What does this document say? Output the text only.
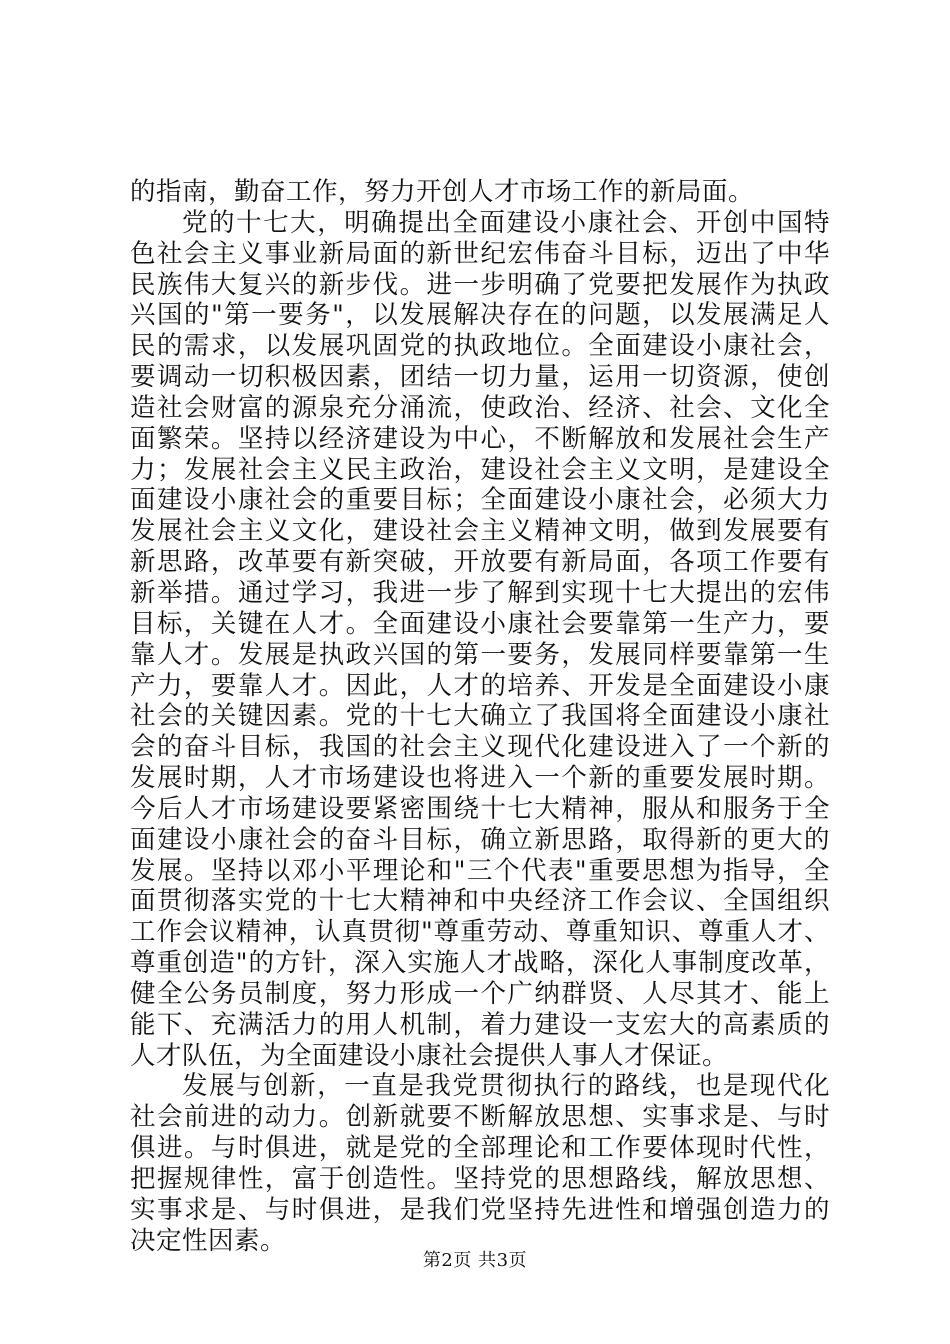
的指南，勤奋工作，努力开创人才市场工作的新局面。

党的十七大，明确提出全面建设小康社会、开创中国特色社会主义事业新局面的新世纪宏伟奋斗目标，迈出了中华民族伟大复兴的新步伐。进一步明确了党要把发展作为执政兴国的"第一要务"，以发展解决存在的问题，以发展满足人民的需求，以发展巩固党的执政地位。全面建设小康社会，要调动一切积极因素，团结一切力量，运用一切资源，使创造社会财富的源泉充分涌流，使政治、经济、社会、文化全面繁荣。坚持以经济建设为中心，不断解放和发展社会生产力；发展社会主义民主政治，建设社会主义文明，是建设全面建设小康社会的重要目标；全面建设小康社会，必须大力发展社会主义文化，建设社会主义精神文明，做到发展要有新思路，改革要有新突破，开放要有新局面，各项工作要有新举措。通过学习，我进一步了解到实现十七大提出的宏伟目标，关键在人才。全面建设小康社会要靠第一生产力，要靠人才。发展是执政兴国的第一要务，发展同样要靠第一生产力，要靠人才。因此，人才的培养、开发是全面建设小康社会的关键因素。党的十七大确立了我国将全面建设小康社会的奋斗目标，我国的社会主义现代化建设进入了一个新的发展时期，人才市场建设也将进入一个新的重要发展时期。今后人才市场建设要紧密围绕十七大精神，服从和服务于全面建设小康社会的奋斗目标，确立新思路，取得新的更大的发展。坚持以邓小平理论和"三个代表"重要思想为指导，全面贯彻落实党的十七大精神和中央经济工作会议、全国组织工作会议精神，认真贯彻"尊重劳动、尊重知识、尊重人才、尊重创造"的方针，深入实施人才战略，深化人事制度改革，健全公务员制度，努力形成一个广纳群贤、人尽其才、能上能下、充满活力的用人机制，着力建设一支宏大的高素质的人才队伍，为全面建设小康社会提供人事人才保证。

发展与创新，一直是我党贯彻执行的路线，也是现代化社会前进的动力。创新就要不断解放思想、实事求是、与时俱进。与时俱进，就是党的全部理论和工作要体现时代性，把握规律性，富于创造性。坚持党的思想路线，解放思想、实事求是、与时俱进，是我们党坚持先进性和增强创造力的决定性因素。

第2页 共3页
